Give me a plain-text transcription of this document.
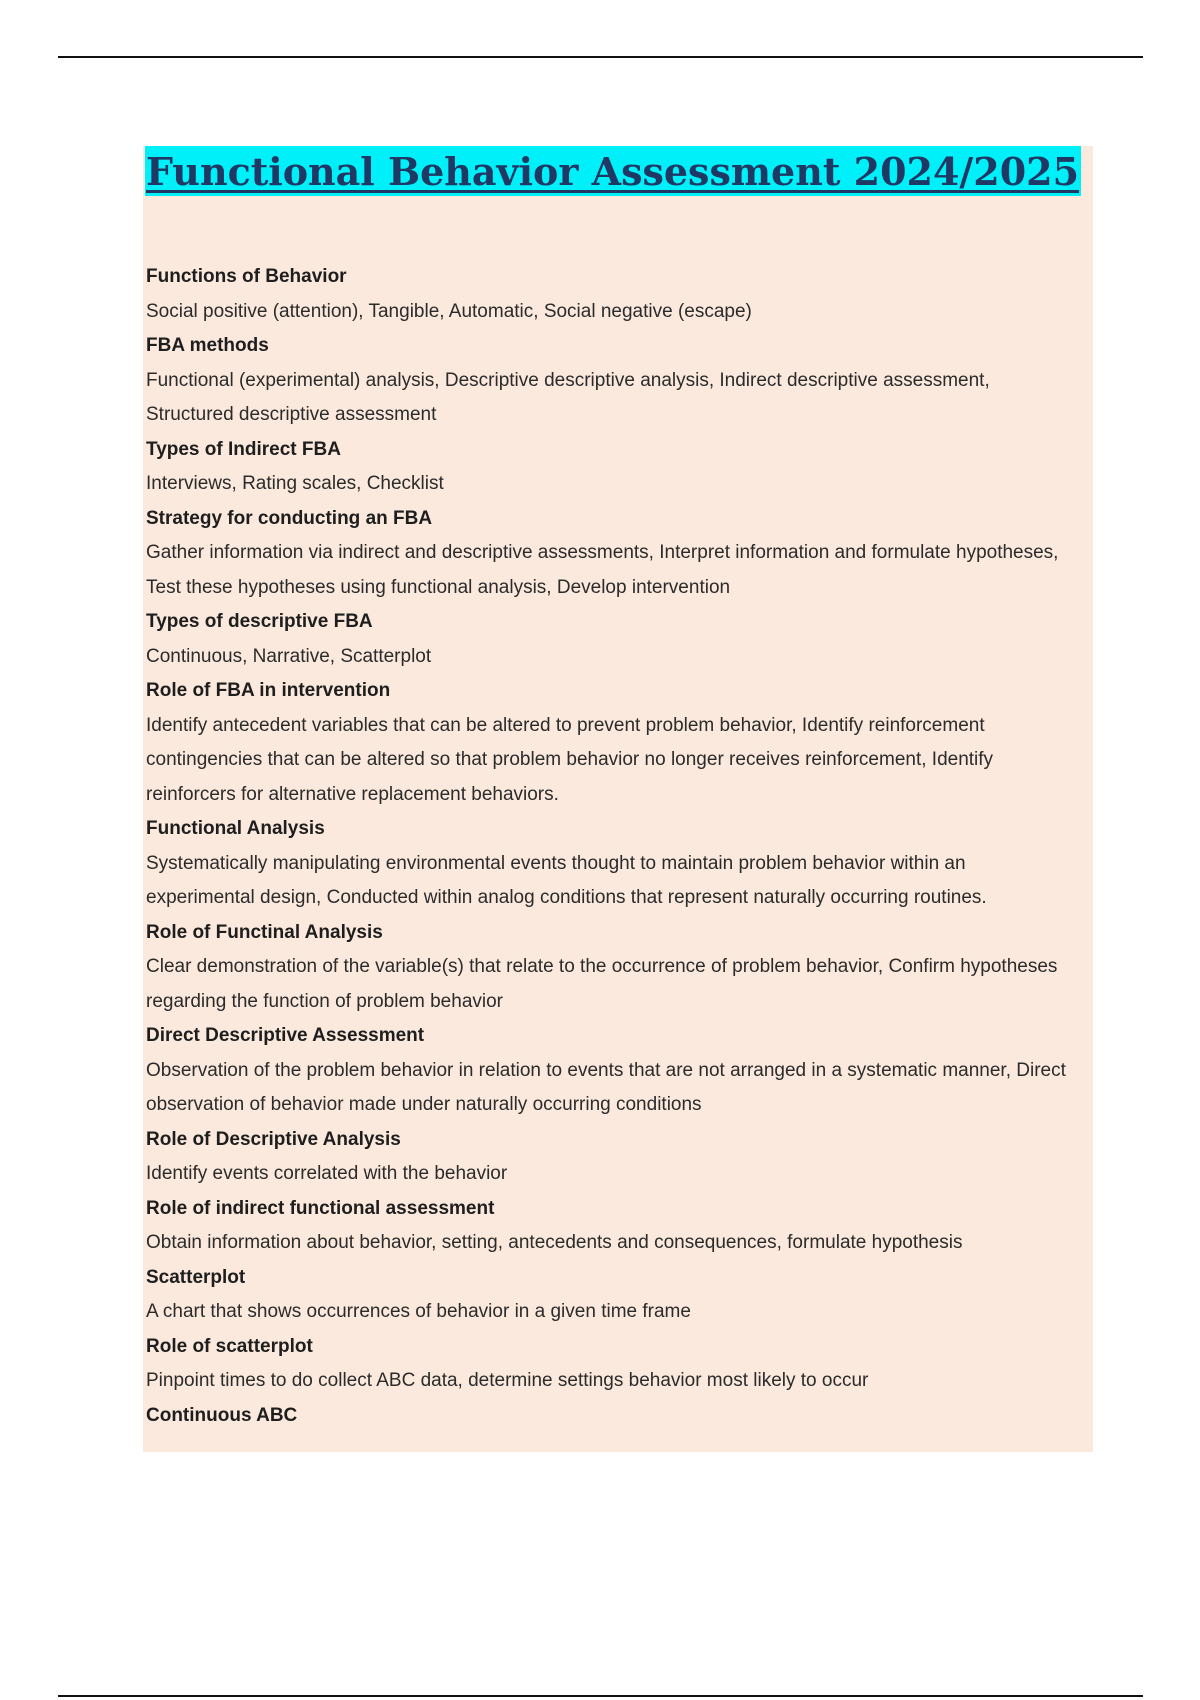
Functional Behavior Assessment 2024/2025
Functions of Behavior
Social positive (attention), Tangible, Automatic, Social negative (escape)
FBA methods
Functional (experimental) analysis, Descriptive descriptive analysis, Indirect descriptive assessment, Structured descriptive assessment
Types of Indirect FBA
Interviews, Rating scales, Checklist
Strategy for conducting an FBA
Gather information via indirect and descriptive assessments, Interpret information and formulate hypotheses, Test these hypotheses using functional analysis, Develop intervention
Types of descriptive FBA
Continuous, Narrative, Scatterplot
Role of FBA in intervention
Identify antecedent variables that can be altered to prevent problem behavior, Identify reinforcement contingencies that can be altered so that problem behavior no longer receives reinforcement, Identify reinforcers for alternative replacement behaviors.
Functional Analysis
Systematically manipulating environmental events thought to maintain problem behavior within an experimental design, Conducted within analog conditions that represent naturally occurring routines.
Role of Functinal Analysis
Clear demonstration of the variable(s) that relate to the occurrence of problem behavior, Confirm hypotheses regarding the function of problem behavior
Direct Descriptive Assessment
Observation of the problem behavior in relation to events that are not arranged in a systematic manner, Direct observation of behavior made under naturally occurring conditions
Role of Descriptive Analysis
Identify events correlated with the behavior
Role of indirect functional assessment
Obtain information about behavior, setting, antecedents and consequences, formulate hypothesis
Scatterplot
A chart that shows occurrences of behavior in a given time frame
Role of scatterplot
Pinpoint times to do collect ABC data, determine settings behavior most likely to occur
Continuous ABC
